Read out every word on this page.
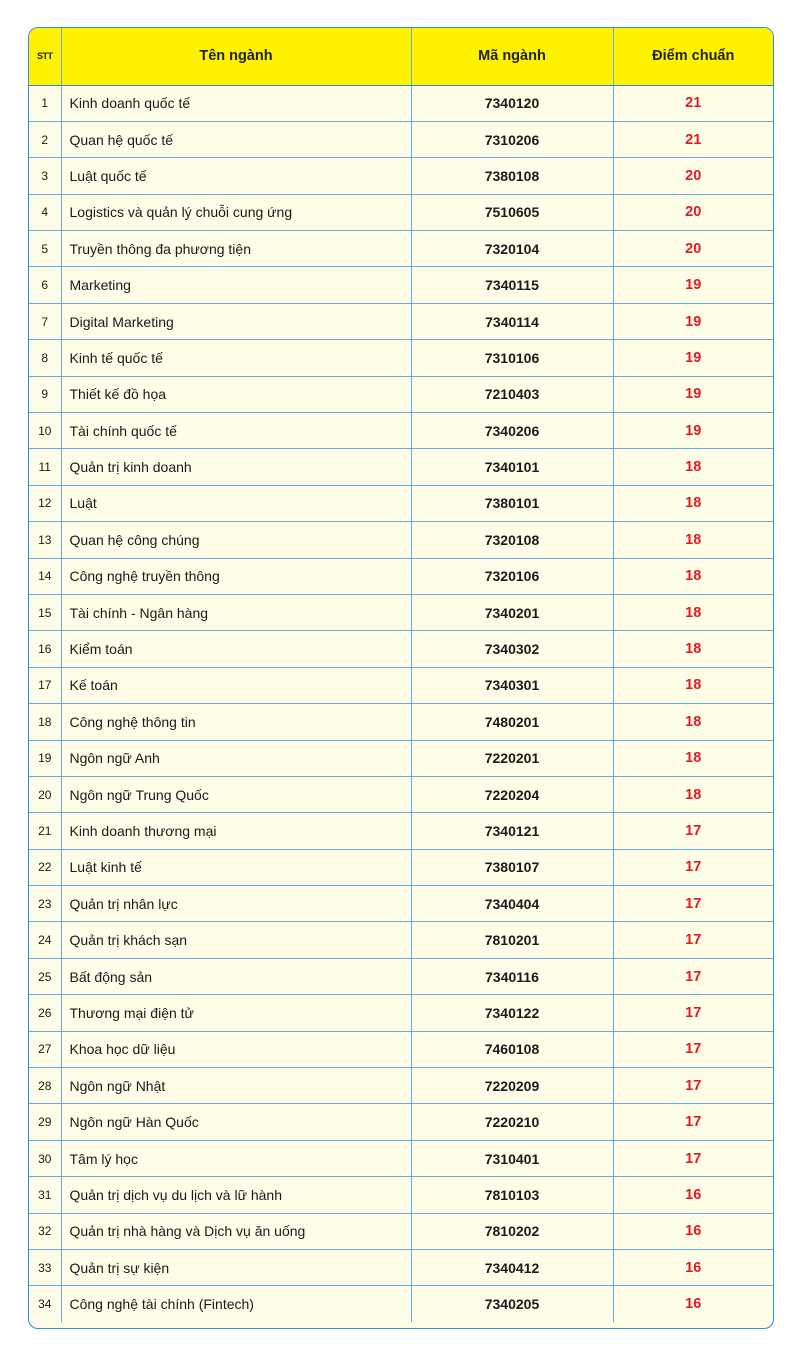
STT	Tên ngành	Mã ngành	Điểm chuẩn
1	Kinh doanh quốc tế	7340120	21
2	Quan hệ quốc tế	7310206	21
3	Luật quốc tế	7380108	20
4	Logistics và quản lý chuỗi cung ứng	7510605	20
5	Truyền thông đa phương tiện	7320104	20
6	Marketing	7340115	19
7	Digital Marketing	7340114	19
8	Kinh tế quốc tế	7310106	19
9	Thiết kế đồ họa	7210403	19
10	Tài chính quốc tế	7340206	19
11	Quản trị kinh doanh	7340101	18
12	Luật	7380101	18
13	Quan hệ công chúng	7320108	18
14	Công nghệ truyền thông	7320106	18
15	Tài chính - Ngân hàng	7340201	18
16	Kiểm toán	7340302	18
17	Kế toán	7340301	18
18	Công nghệ thông tin	7480201	18
19	Ngôn ngữ Anh	7220201	18
20	Ngôn ngữ Trung Quốc	7220204	18
21	Kinh doanh thương mại	7340121	17
22	Luật kinh tế	7380107	17
23	Quản trị nhân lực	7340404	17
24	Quản trị khách sạn	7810201	17
25	Bất động sản	7340116	17
26	Thương mại điện tử	7340122	17
27	Khoa học dữ liệu	7460108	17
28	Ngôn ngữ Nhật	7220209	17
29	Ngôn ngữ Hàn Quốc	7220210	17
30	Tâm lý học	7310401	17
31	Quản trị dịch vụ du lịch và lữ hành	7810103	16
32	Quản trị nhà hàng và Dịch vụ ăn uống	7810202	16
33	Quản trị sự kiện	7340412	16
34	Công nghệ tài chính (Fintech)	7340205	16
